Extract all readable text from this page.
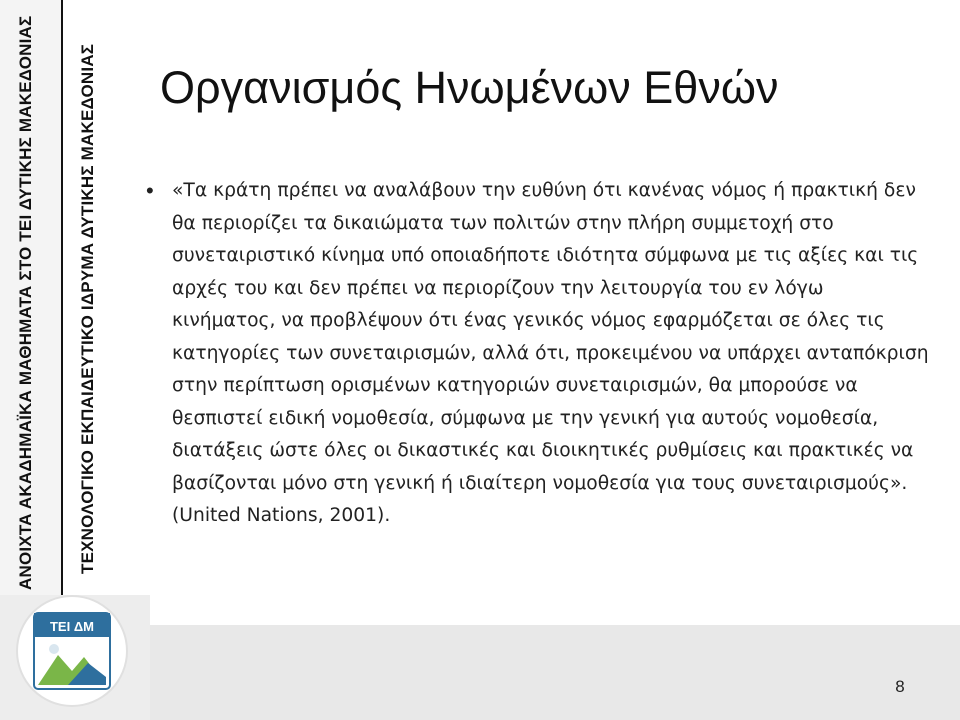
ΑΝΟΙΧΤΑ ΑΚΑΔΗΜΑΪΚΑ ΜΑΘΗΜΑΤΑ ΣΤΟ ΤΕΙ ΔΥΤΙΚΗΣ ΜΑΚΕΔΟΝΙΑΣ	ΤΕΧΝΟΛΟΓΙΚΟ ΕΚΠΑΙΔΕΥΤΙΚΟ ΙΔΡΥΜΑ ΔΥΤΙΚΗΣ ΜΑΚΕΔΟΝΙΑΣ Οργανισμός Ηνωμένων Εθνών
• «Τα κράτη πρέπει να αναλάβουν την ευθύνη ότι κανένας νόμος ή πρακτική δεν θα περιορίζει τα δικαιώματα των πολιτών στην πλήρη συμμετοχή στο συνεταιριστικό κίνημα υπό οποιαδήποτε ιδιότητα σύμφωνα με τις αξίες και τις αρχές του και δεν πρέπει να περιορίζουν την λειτουργία του εν λόγω κινήματος, να προβλέψουν ότι ένας γενικός νόμος εφαρμόζεται σε όλες τις κατηγορίες των συνεταιρισμών, αλλά ότι, προκειμένου να υπάρχει ανταπόκριση στην περίπτωση ορισμένων κατηγοριών συνεταιρισμών, θα μπορούσε να θεσπιστεί ειδική νομοθεσία, σύμφωνα με την γενική για αυτούς νομοθεσία, διατάξεις ώστε όλες οι δικαστικές και διοικητικές ρυθμίσεις και πρακτικές να βασίζονται μόνο στη γενική ή ιδιαίτερη νομοθεσία για τους συνεταιρισμούς». (United Nations, 2001).
TEI ΔΜ
8
